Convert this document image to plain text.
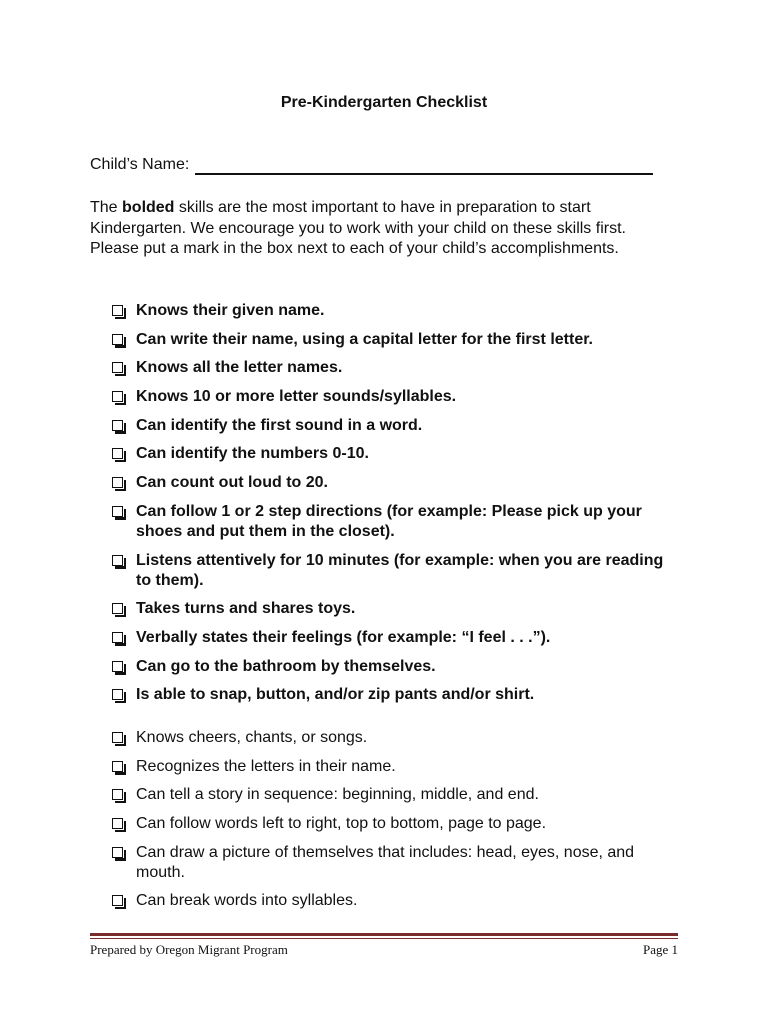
Pre-Kindergarten Checklist
Child’s Name:
The bolded skills are the most important to have in preparation to start Kindergarten. We encourage you to work with your child on these skills first. Please put a mark in the box next to each of your child’s accomplishments.
Knows their given name.
Can write their name, using a capital letter for the first letter.
Knows all the letter names.
Knows 10 or more letter sounds/syllables.
Can identify the first sound in a word.
Can identify the numbers 0-10.
Can count out loud to 20.
Can follow 1 or 2 step directions (for example: Please pick up your shoes and put them in the closet).
Listens attentively for 10 minutes (for example: when you are reading to them).
Takes turns and shares toys.
Verbally states their feelings (for example: “I feel . . .”).
Can go to the bathroom by themselves.
Is able to snap, button, and/or zip pants and/or shirt.
Knows cheers, chants, or songs.
Recognizes the letters in their name.
Can tell a story in sequence: beginning, middle, and end.
Can follow words left to right, top to bottom, page to page.
Can draw a picture of themselves that includes: head, eyes, nose, and mouth.
Can break words into syllables.
Prepared by Oregon Migrant Program	Page 1
